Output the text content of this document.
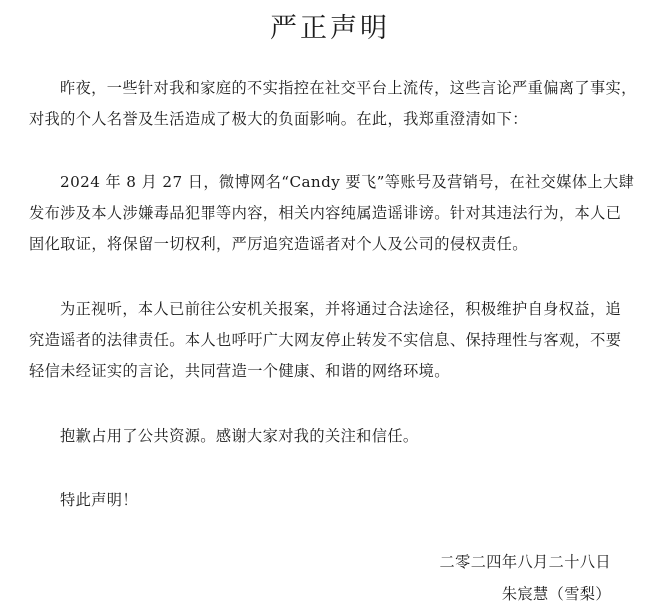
严正声明

昨夜，一些针对我和家庭的不实指控在社交平台上流传，这些言论严重偏离了事实，
对我的个人名誉及生活造成了极大的负面影响。在此，我郑重澄清如下：

2024 年 8 月 27 日，微博网名“Candy 要飞”等账号及营销号，在社交媒体上大肆
发布涉及本人涉嫌毒品犯罪等内容，相关内容纯属造谣诽谤。针对其违法行为，本人已
固化取证，将保留一切权利，严厉追究造谣者对个人及公司的侵权责任。

为正视听，本人已前往公安机关报案，并将通过合法途径，积极维护自身权益，追
究造谣者的法律责任。本人也呼吁广大网友停止转发不实信息、保持理性与客观，不要
轻信未经证实的言论，共同营造一个健康、和谐的网络环境。

抱歉占用了公共资源。感谢大家对我的关注和信任。

特此声明！

二零二四年八月二十八日
朱宸慧（雪梨）
